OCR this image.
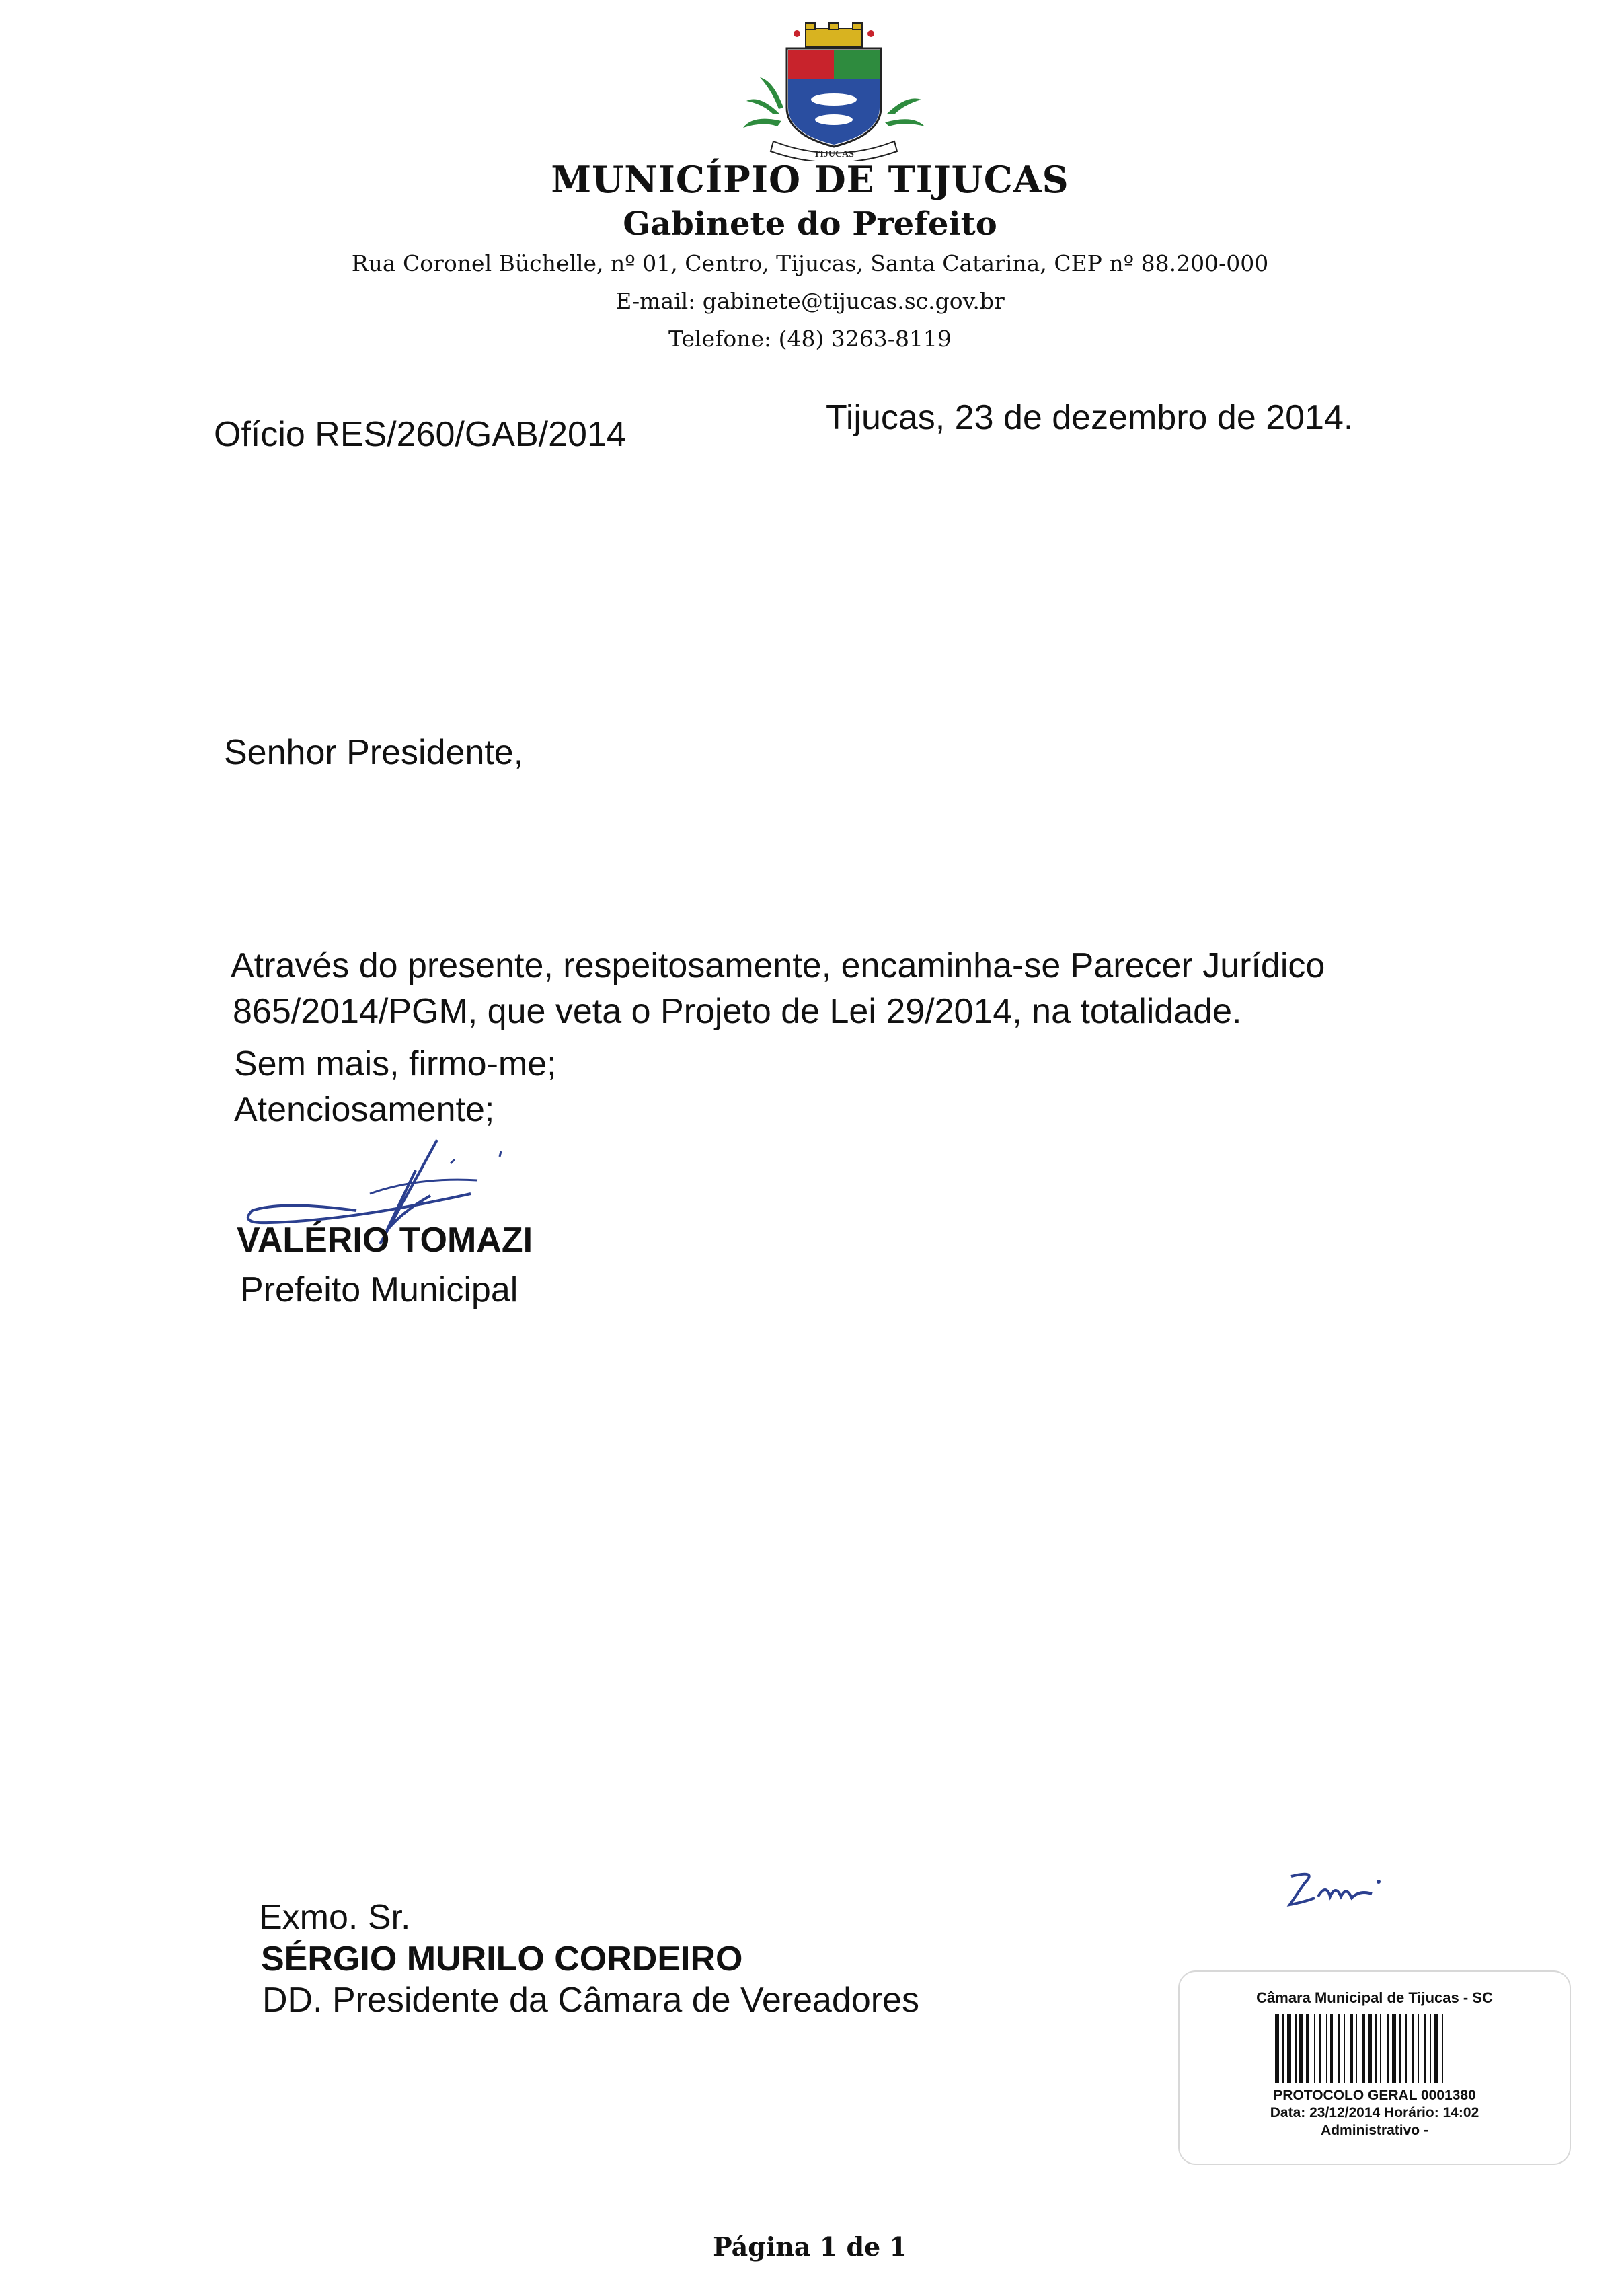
TIJUCAS
MUNICÍPIO DE TIJUCAS
Gabinete do Prefeito
Rua Coronel Büchelle, nº 01, Centro, Tijucas, Santa Catarina, CEP nº 88.200-000
E-mail: gabinete@tijucas.sc.gov.br
Telefone: (48) 3263-8119
Ofício RES/260/GAB/2014	Tijucas, 23 de dezembro de 2014.
Senhor Presidente,
Através do presente, respeitosamente, encaminha-se Parecer Jurídico
865/2014/PGM, que veta o Projeto de Lei 29/2014, na totalidade.
Sem mais, firmo-me;
Atenciosamente;
VALÉRIO TOMAZI
Prefeito Municipal
Exmo. Sr.
SÉRGIO MURILO CORDEIRO
DD. Presidente da Câmara de Vereadores	Câmara Municipal de Tijucas - SC
PROTOCOLO GERAL 0001380
Data: 23/12/2014 Horário: 14:02
Administrativo -
Página 1 de 1
